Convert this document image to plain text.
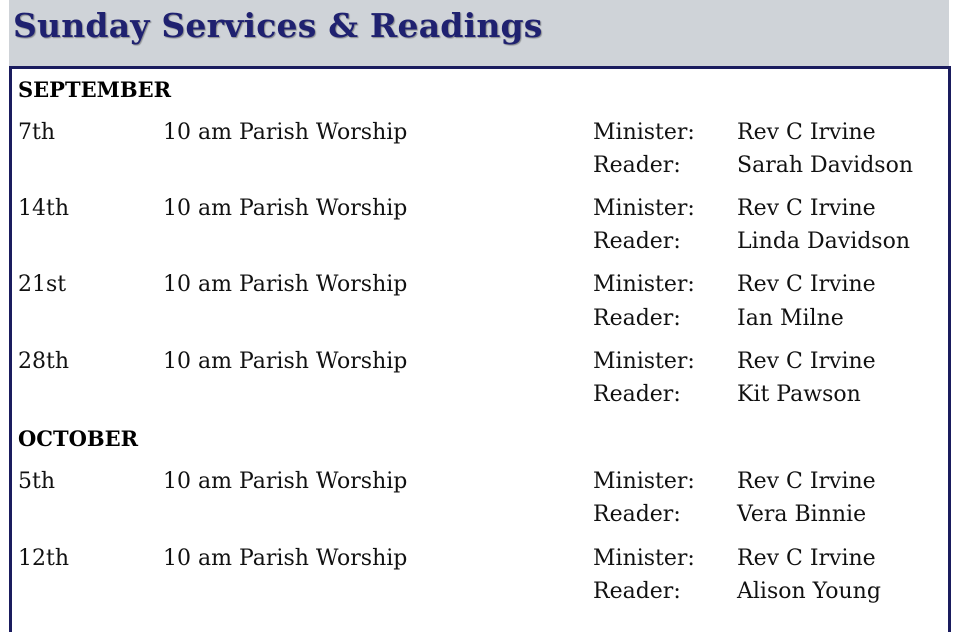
Sunday Services & Readings
SEPTEMBER
7th	10 am Parish Worship	Minister: Rev C Irvine
Reader:	Sarah Davidson
14th	10 am Parish Worship	Minister: Rev C Irvine
Reader:	Linda Davidson
21st	10 am Parish Worship	Minister: Rev C Irvine
Reader:	Ian Milne
28th	10 am Parish Worship	Minister: Rev C Irvine
Reader:	Kit Pawson
OCTOBER
5th	10 am Parish Worship	Minister: Rev C Irvine
Reader:	Vera Binnie
12th	10 am Parish Worship	Minister: Rev C Irvine
Reader:	Alison Young
